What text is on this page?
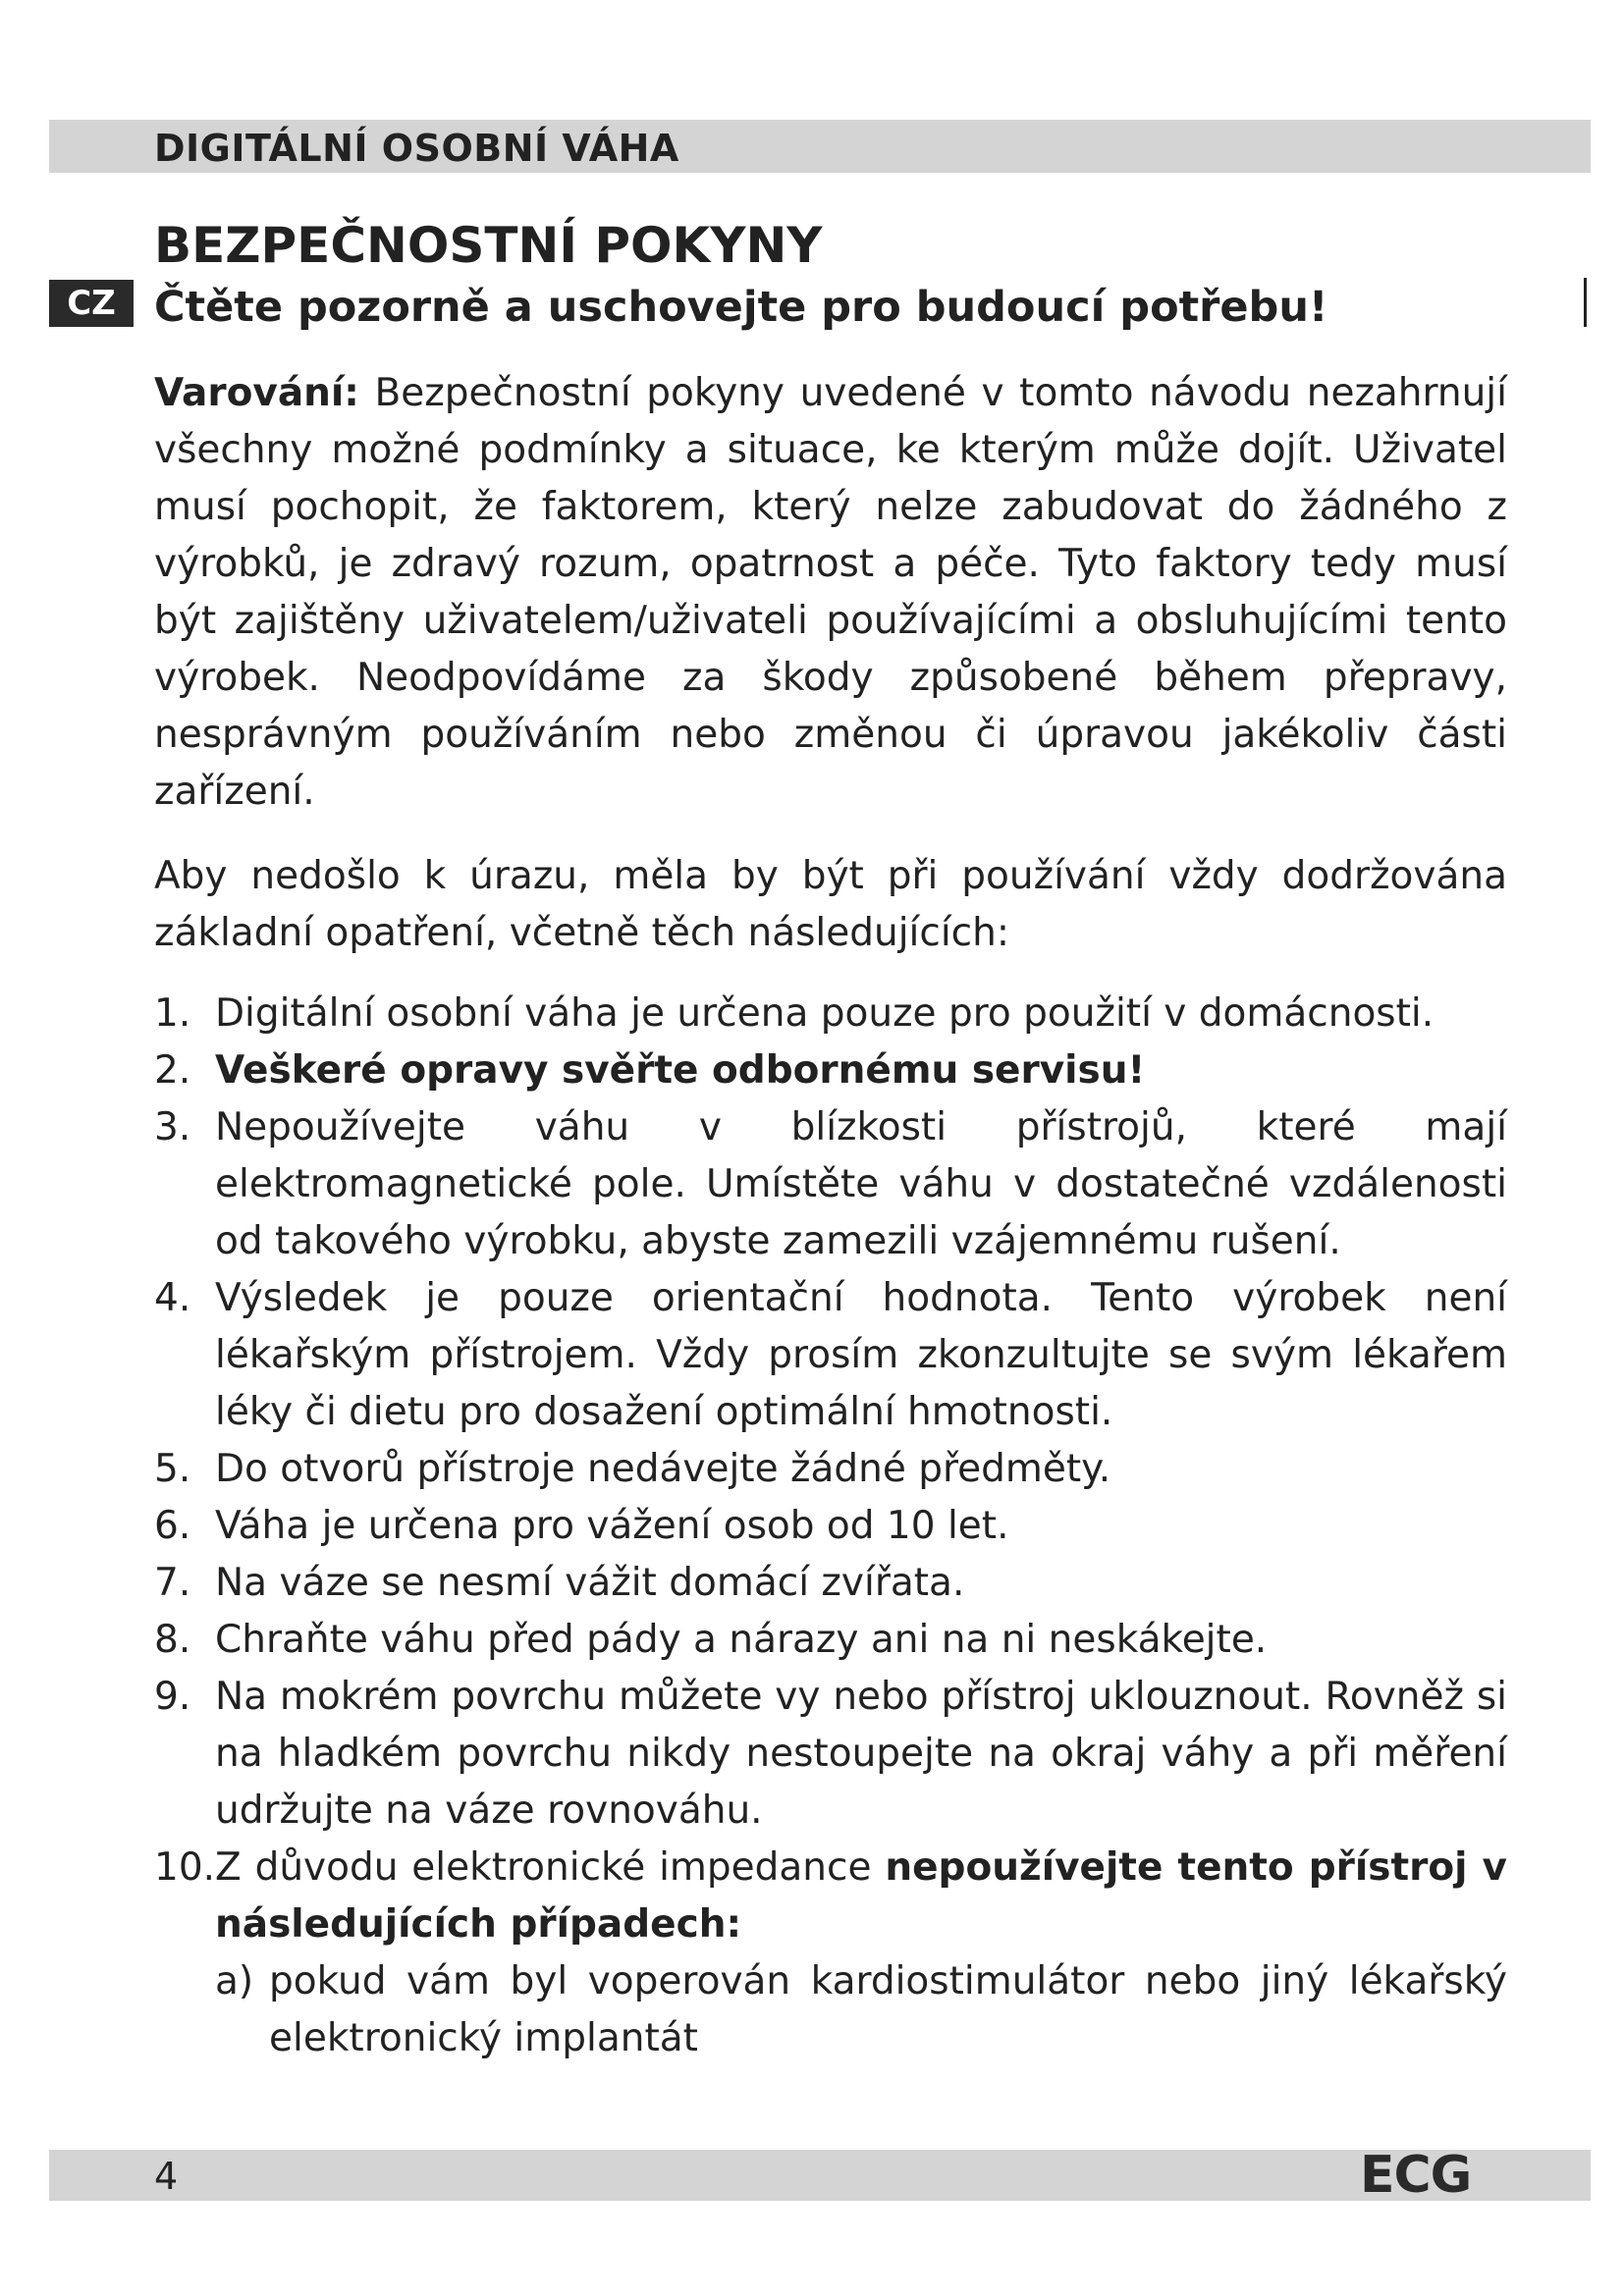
DIGITÁLNÍ OSOBNÍ VÁHA
BEZPEČNOSTNÍ POKYNY
CZ Čtěte pozorně a uschovejte pro budoucí potřebu!

Varování: Bezpečnostní pokyny uvedené v tomto návodu nezahrnují všechny možné podmínky a situace, ke kterým může dojít. Uživatel musí pochopit, že faktorem, který nelze zabudovat do žádného z výrobků, je zdravý rozum, opatrnost a péče. Tyto faktory tedy musí být zajištěny uživatelem/uživateli používajícími a obsluhujícími tento výrobek. Neodpovídáme za škody způsobené během přepravy, nesprávným používáním nebo změnou či úpravou jakékoliv části zařízení.

Aby nedošlo k úrazu, měla by být při používání vždy dodržována základní opatření, včetně těch následujících:

1. Digitální osobní váha je určena pouze pro použití v domácnosti.
2. Veškeré opravy svěřte odbornému servisu!
3. Nepoužívejte váhu v blízkosti přístrojů, které mají elektromagnetické pole. Umístěte váhu v dostatečné vzdálenosti od takového výrobku, abyste zamezili vzájemnému rušení.
4. Výsledek je pouze orientační hodnota. Tento výrobek není lékařským přístrojem. Vždy prosím zkonzultujte se svým lékařem léky či dietu pro dosažení optimální hmotnosti.
5. Do otvorů přístroje nedávejte žádné předměty.
6. Váha je určena pro vážení osob od 10 let.
7. Na váze se nesmí vážit domácí zvířata.
8. Chraňte váhu před pády a nárazy ani na ni neskákejte.
9. Na mokrém povrchu můžete vy nebo přístroj uklouznout. Rovněž si na hladkém povrchu nikdy nestoupejte na okraj váhy a při měření udržujte na váze rovnováhu.
10. Z důvodu elektronické impedance nepoužívejte tento přístroj v následujících případech:
a) pokud vám byl voperován kardiostimulátor nebo jiný lékařský elektronický implantát
4	ECG
